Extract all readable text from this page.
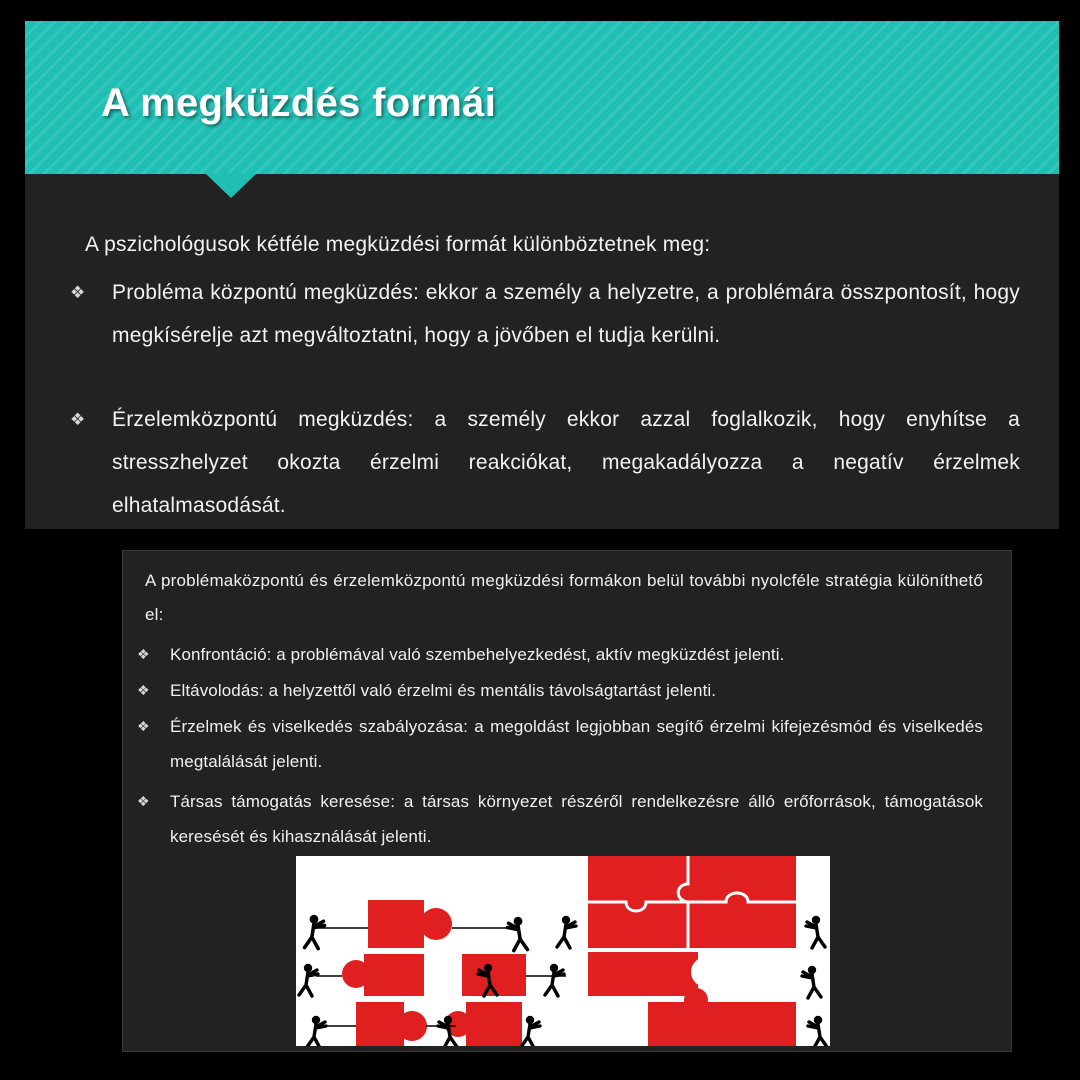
A megküzdés formái

A pszichológusok kétféle megküzdési formát különböztetnek meg:

❖	Probléma központú megküzdés: ekkor a személy a helyzetre, a problémára összpontosít, hogy megkísérelje azt megváltoztatni, hogy a jövőben el tudja kerülni.
❖	Érzelemközpontú megküzdés: a személy ekkor azzal foglalkozik, hogy enyhítse a stresszhelyzet okozta érzelmi reakciókat, megakadályozza a negatív érzelmek elhatalmasodását.

A problémaközpontú és érzelemközpontú megküzdési formákon belül további nyolcféle stratégia különíthető el:

❖	Konfrontáció: a problémával való szembehelyezkedést, aktív megküzdést jelenti.
❖	Eltávolodás: a helyzettől való érzelmi és mentális távolságtartást jelenti.
❖	Érzelmek és viselkedés szabályozása: a megoldást legjobban segítő érzelmi kifejezésmód és viselkedés megtalálását jelenti.
❖	Társas támogatás keresése: a társas környezet részéről rendelkezésre álló erőforrások, támogatások keresését és kihasználását jelenti.
